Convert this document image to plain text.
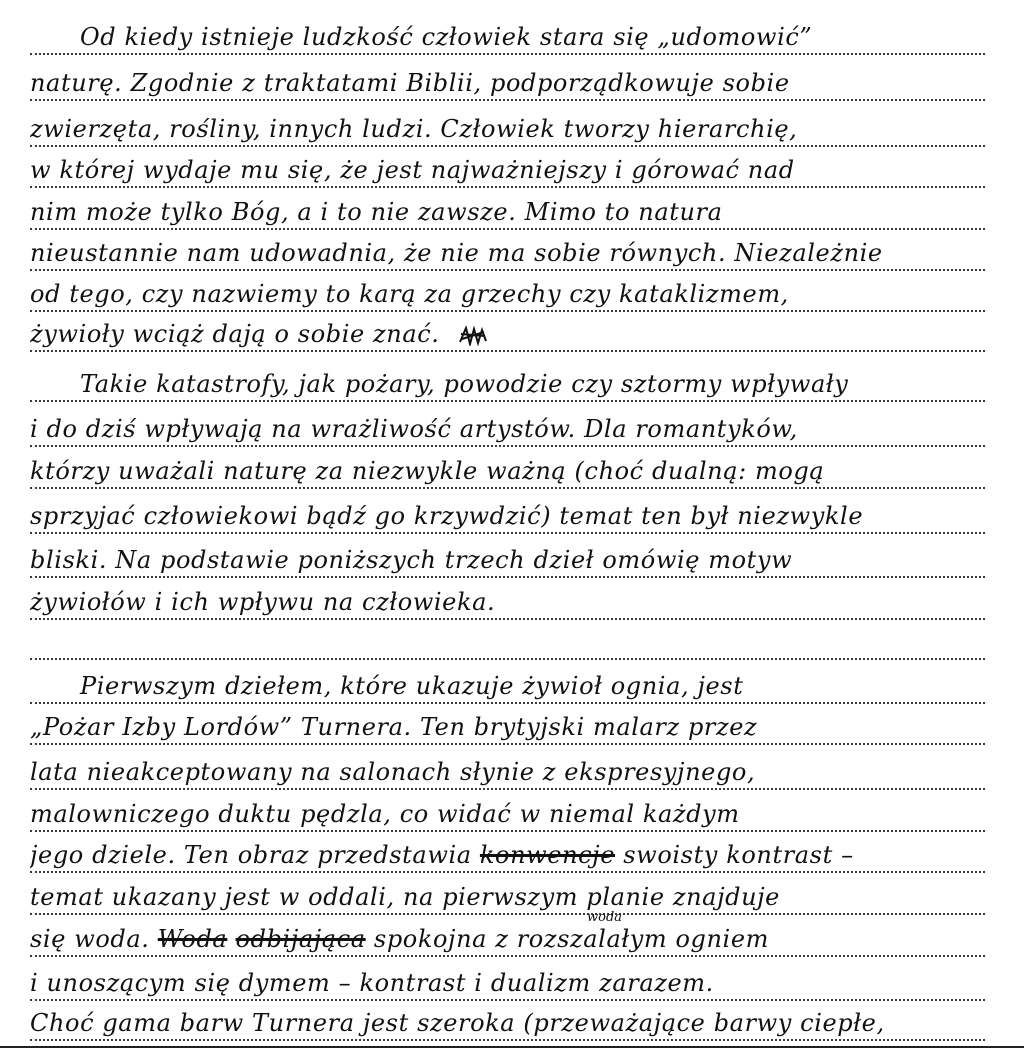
Od kiedy istnieje ludzkość człowiek stara się „udomowić”
naturę. Zgodnie z traktatami Biblii, podporządkowuje sobie
zwierzęta, rośliny, innych ludzi. Człowiek tworzy hierarchię,
w której wydaje mu się, że jest najważniejszy i górować nad
nim może tylko Bóg, a i to nie zawsze. Mimo to natura
nieustannie nam udowadnia, że nie ma sobie równych. Niezależnie
od tego, czy nazwiemy to karą za grzechy czy kataklizmem,
żywioły wciąż dają o sobie znać.
Takie katastrofy, jak pożary, powodzie czy sztormy wpływały
i do dziś wpływają na wrażliwość artystów. Dla romantyków,
którzy uważali naturę za niezwykle ważną (choć dualną: mogą
sprzyjać człowiekowi bądź go krzywdzić) temat ten był niezwykle
bliski. Na podstawie poniższych trzech dzieł omówię motyw
żywiołów i ich wpływu na człowieka.
Pierwszym dziełem, które ukazuje żywioł ognia, jest
„Pożar Izby Lordów” Turnera. Ten brytyjski malarz przez
lata nieakceptowany na salonach słynie z ekspresyjnego,
malowniczego duktu pędzla, co widać w niemal każdym
jego dziele. Ten obraz przedstawia konwencje swoisty kontrast –
temat ukazany jest w oddali, na pierwszym planie znajduje
się woda. Woda odbijająca spokojna z rozszalałym ogniem
woda
i unoszącym się dymem – kontrast i dualizm zarazem.
Choć gama barw Turnera jest szeroka (przeważające barwy ciepłe,
